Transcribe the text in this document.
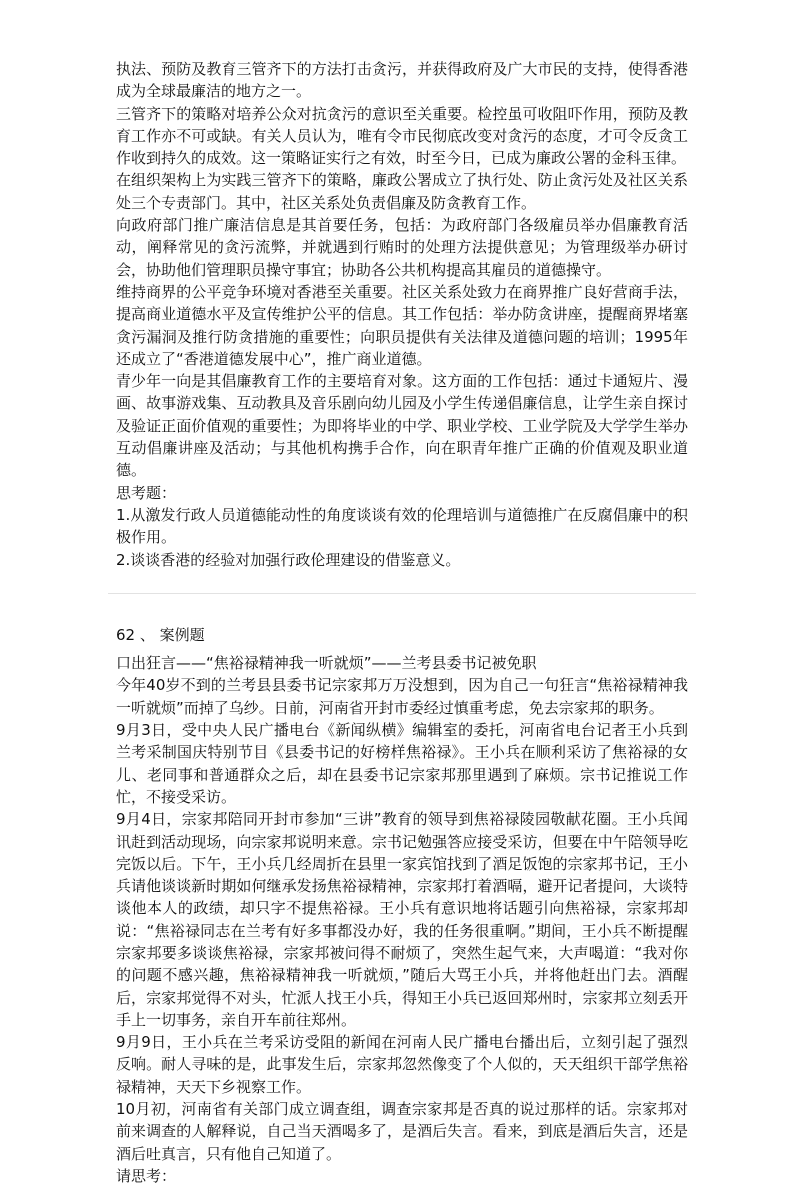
执法、预防及教育三管齐下的方法打击贪污，并获得政府及广大市民的支持，使得香港成为全球最廉洁的地方之一。

三管齐下的策略对培养公众对抗贪污的意识至关重要。检控虽可收阻吓作用，预防及教育工作亦不可或缺。有关人员认为，唯有令市民彻底改变对贪污的态度，才可令反贪工作收到持久的成效。这一策略证实行之有效，时至今日，已成为廉政公署的金科玉律。

在组织架构上为实践三管齐下的策略，廉政公署成立了执行处、防止贪污处及社区关系处三个专责部门。其中，社区关系处负责倡廉及防贪教育工作。

向政府部门推广廉洁信息是其首要任务，包括：为政府部门各级雇员举办倡廉教育活动，阐释常见的贪污流弊，并就遇到行贿时的处理方法提供意见；为管理级举办研讨会，协助他们管理职员操守事宜；协助各公共机构提高其雇员的道德操守。

维持商界的公平竞争环境对香港至关重要。社区关系处致力在商界推广良好营商手法，提高商业道德水平及宣传维护公平的信息。其工作包括：举办防贪讲座，提醒商界堵塞贪污漏洞及推行防贪措施的重要性；向职员提供有关法律及道德问题的培训；1995年还成立了“香港道德发展中心”，推广商业道德。

青少年一向是其倡廉教育工作的主要培育对象。这方面的工作包括：通过卡通短片、漫画、故事游戏集、互动教具及音乐剧向幼儿园及小学生传递倡廉信息，让学生亲自探讨及验证正面价值观的重要性；为即将毕业的中学、职业学校、工业学院及大学学生举办互动倡廉讲座及活动；与其他机构携手合作，向在职青年推广正确的价值观及职业道德。

思考题：

1.从激发行政人员道德能动性的角度谈谈有效的伦理培训与道德推广在反腐倡廉中的积极作用。

2.谈谈香港的经验对加强行政伦理建设的借鉴意义。

62 、 案例题

口出狂言——“焦裕禄精神我一听就烦”——兰考县委书记被免职

今年40岁不到的兰考县县委书记宗家邦万万没想到，因为自己一句狂言“焦裕禄精神我一听就烦”而掉了乌纱。日前，河南省开封市委经过慎重考虑，免去宗家邦的职务。

9月3日，受中央人民广播电台《新闻纵横》编辑室的委托，河南省电台记者王小兵到兰考采制国庆特别节目《县委书记的好榜样焦裕禄》。王小兵在顺利采访了焦裕禄的女儿、老同事和普通群众之后，却在县委书记宗家邦那里遇到了麻烦。宗书记推说工作忙，不接受采访。

9月4日，宗家邦陪同开封市参加“三讲”教育的领导到焦裕禄陵园敬献花圈。王小兵闻讯赶到活动现场，向宗家邦说明来意。宗书记勉强答应接受采访，但要在中午陪领导吃完饭以后。下午，王小兵几经周折在县里一家宾馆找到了酒足饭饱的宗家邦书记，王小兵请他谈谈新时期如何继承发扬焦裕禄精神，宗家邦打着酒嗝，避开记者提问，大谈特谈他本人的政绩，却只字不提焦裕禄。王小兵有意识地将话题引向焦裕禄，宗家邦却说：“焦裕禄同志在兰考有好多事都没办好，我的任务很重啊。”期间，王小兵不断提醒宗家邦要多谈谈焦裕禄，宗家邦被问得不耐烦了，突然生起气来，大声喝道：“我对你的问题不感兴趣，焦裕禄精神我一听就烦，”随后大骂王小兵，并将他赶出门去。酒醒后，宗家邦觉得不对头，忙派人找王小兵，得知王小兵已返回郑州时，宗家邦立刻丢开手上一切事务，亲自开车前往郑州。

9月9日，王小兵在兰考采访受阻的新闻在河南人民广播电台播出后，立刻引起了强烈反响。耐人寻味的是，此事发生后，宗家邦忽然像变了个人似的，天天组织干部学焦裕禄精神，天天下乡视察工作。

10月初，河南省有关部门成立调查组，调查宗家邦是否真的说过那样的话。宗家邦对前来调查的人解释说，自己当天酒喝多了，是酒后失言。看来，到底是酒后失言，还是酒后吐真言，只有他自己知道了。

请思考：
